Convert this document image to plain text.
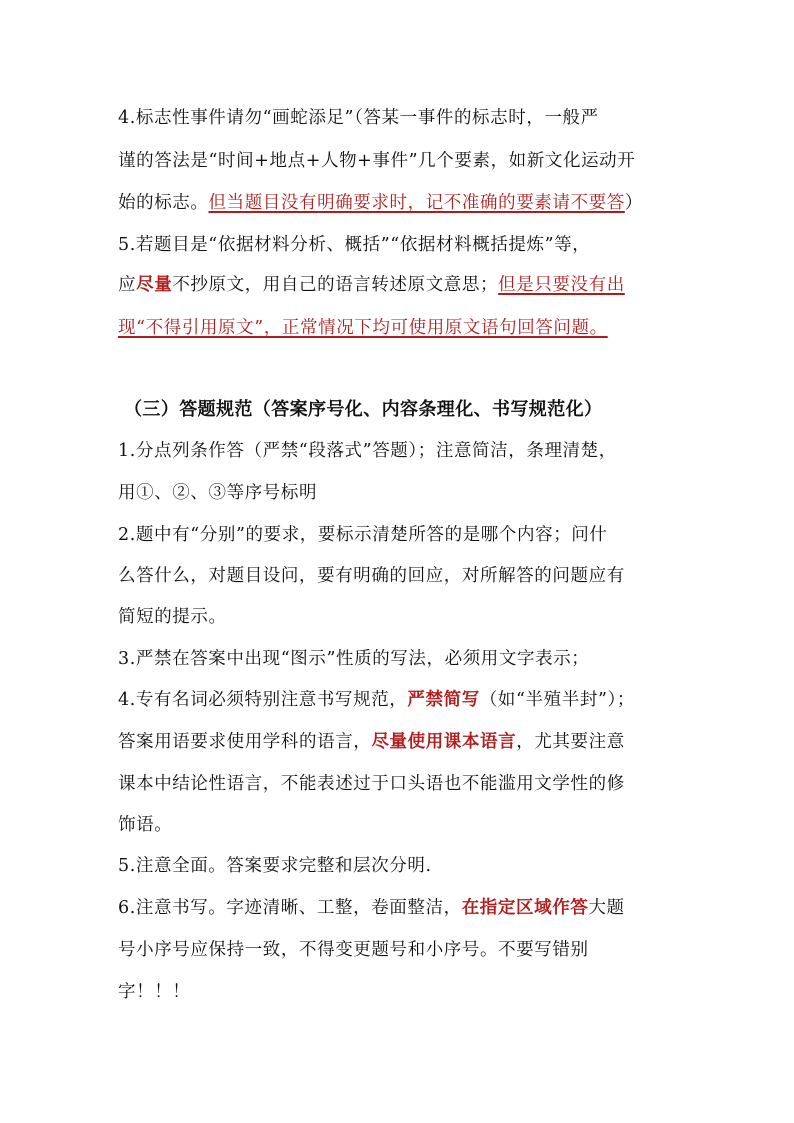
4.标志性事件请勿“画蛇添足”（答某一事件的标志时，一般严
谨的答法是“时间+地点+人物+事件”几个要素，如新文化运动开
始的标志。但当题目没有明确要求时，记不准确的要素请不要答）
5.若题目是“依据材料分析、概括”“依据材料概括提炼”等，
应尽量不抄原文，用自己的语言转述原文意思；但是只要没有出
现“不得引用原文”，正常情况下均可使用原文语句回答问题。
（三）答题规范（答案序号化、内容条理化、书写规范化）
1.分点列条作答（严禁“段落式”答题）；注意简洁，条理清楚，
用①、②、③等序号标明
2.题中有“分别”的要求，要标示清楚所答的是哪个内容；问什
么答什么，对题目设问，要有明确的回应，对所解答的问题应有
简短的提示。
3.严禁在答案中出现“图示”性质的写法，必须用文字表示；
4.专有名词必须特别注意书写规范，严禁简写（如“半殖半封”）；
答案用语要求使用学科的语言，尽量使用课本语言，尤其要注意
课本中结论性语言，不能表述过于口头语也不能滥用文学性的修
饰语。
5.注意全面。答案要求完整和层次分明.
6.注意书写。字迹清晰、工整，卷面整洁，在指定区域作答大题
号小序号应保持一致，不得变更题号和小序号。不要写错别
字！！！
